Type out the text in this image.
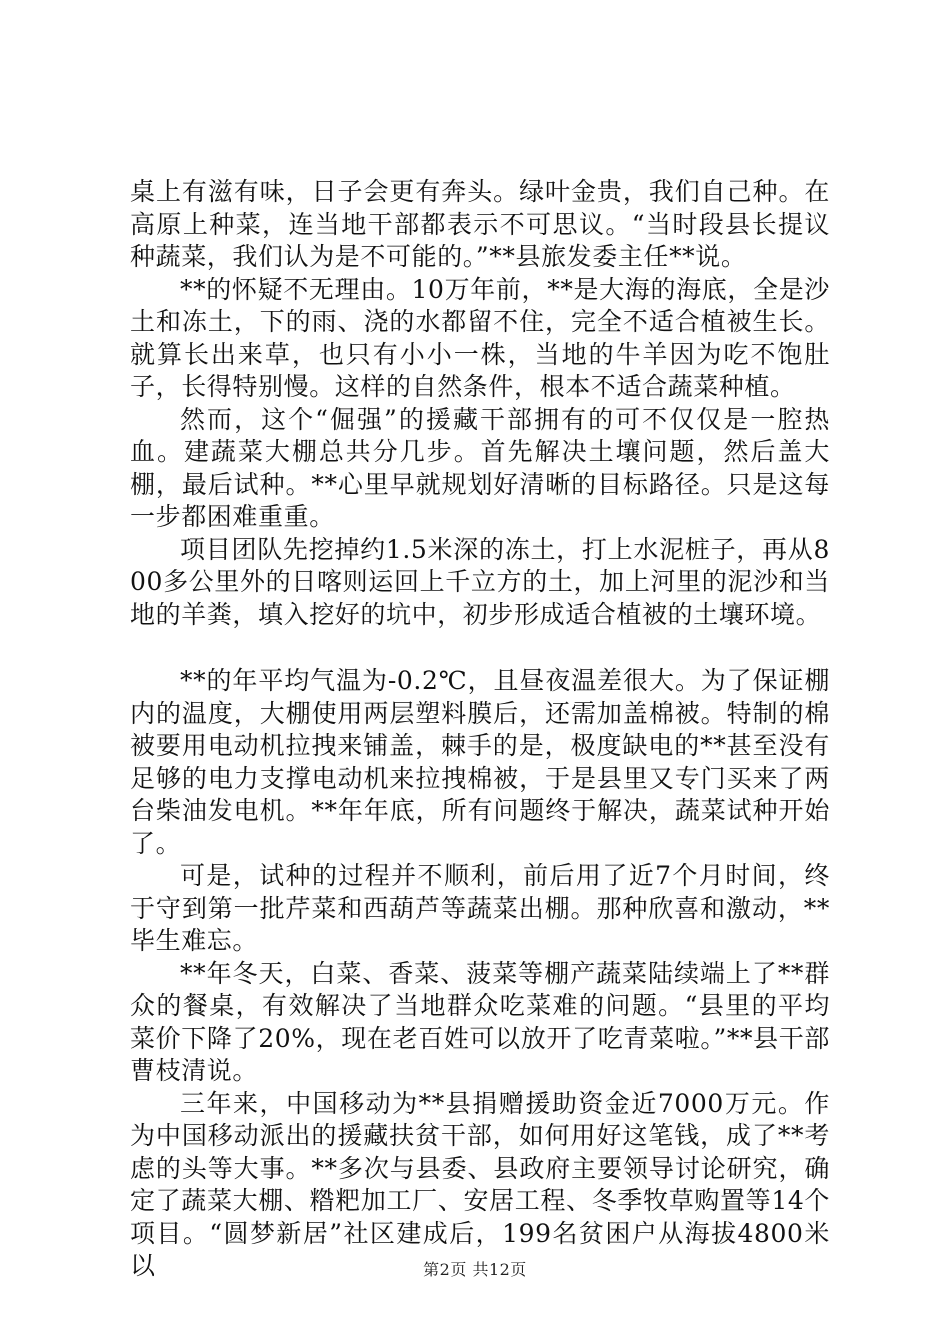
桌上有滋有味，日子会更有奔头。绿叶金贵，我们自己种。在高原上种菜，连当地干部都表示不可思议。“当时段县长提议种蔬菜，我们认为是不可能的。”**县旅发委主任**说。

**的怀疑不无理由。10万年前，**是大海的海底，全是沙土和冻土，下的雨、浇的水都留不住，完全不适合植被生长。就算长出来草，也只有小小一株，当地的牛羊因为吃不饱肚子，长得特别慢。这样的自然条件，根本不适合蔬菜种植。

然而，这个“倔强”的援藏干部拥有的可不仅仅是一腔热血。建蔬菜大棚总共分几步。首先解决土壤问题，然后盖大棚，最后试种。**心里早就规划好清晰的目标路径。只是这每一步都困难重重。

项目团队先挖掉约1.5米深的冻土，打上水泥桩子，再从800多公里外的日喀则运回上千立方的土，加上河里的泥沙和当地的羊粪，填入挖好的坑中，初步形成适合植被的土壤环境。

**的年平均气温为-0.2℃，且昼夜温差很大。为了保证棚内的温度，大棚使用两层塑料膜后，还需加盖棉被。特制的棉被要用电动机拉拽来铺盖，棘手的是，极度缺电的**甚至没有足够的电力支撑电动机来拉拽棉被，于是县里又专门买来了两台柴油发电机。**年年底，所有问题终于解决，蔬菜试种开始了。

可是，试种的过程并不顺利，前后用了近7个月时间，终于守到第一批芹菜和西葫芦等蔬菜出棚。那种欣喜和激动，**毕生难忘。

**年冬天，白菜、香菜、菠菜等棚产蔬菜陆续端上了**群众的餐桌，有效解决了当地群众吃菜难的问题。“县里的平均菜价下降了20%，现在老百姓可以放开了吃青菜啦。”**县干部曹枝清说。

三年来，中国移动为**县捐赠援助资金近7000万元。作为中国移动派出的援藏扶贫干部，如何用好这笔钱，成了**考虑的头等大事。**多次与县委、县政府主要领导讨论研究，确定了蔬菜大棚、糌粑加工厂、安居工程、冬季牧草购置等14个项目。“圆梦新居”社区建成后，199名贫困户从海拔4800米以	第2页 共12页
